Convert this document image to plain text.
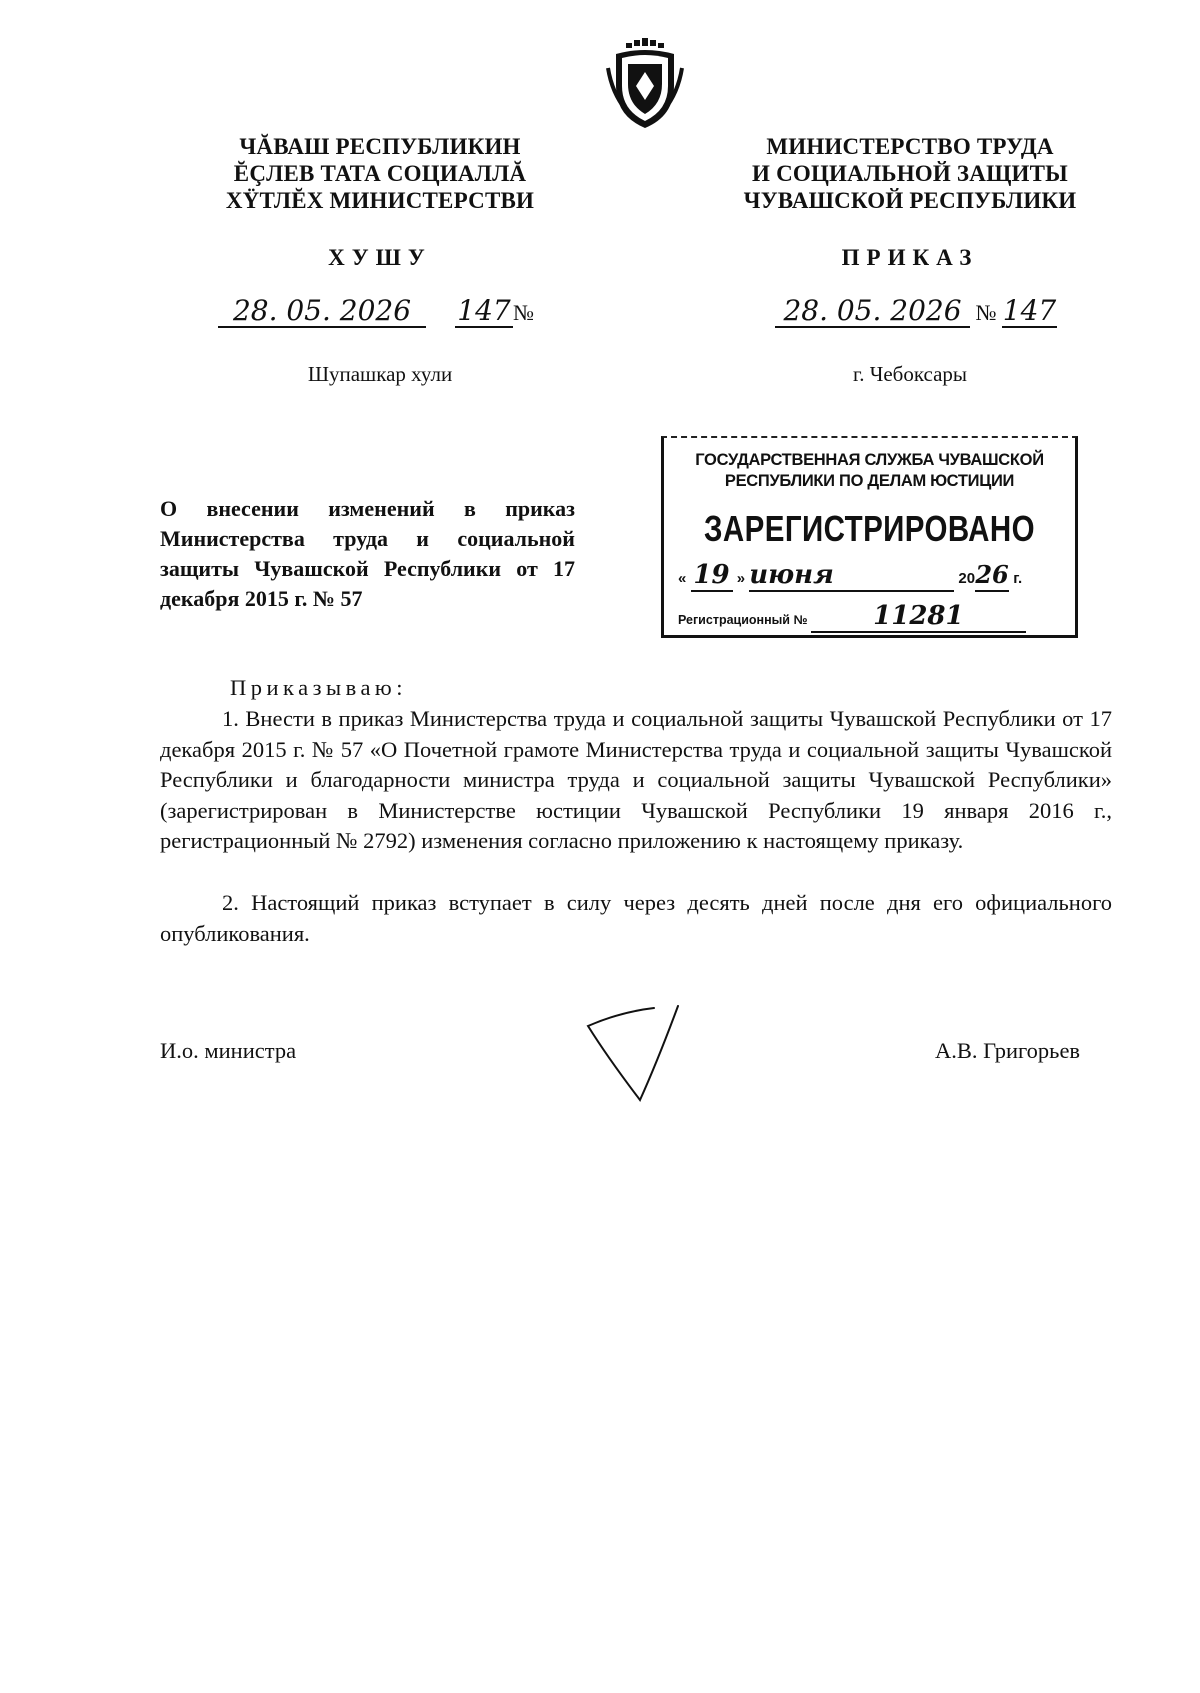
ЧĂВАШ РЕСПУБЛИКИН
ĔÇЛЕВ ТАТА СОЦИАЛЛĂ
ХŸТЛĔХ МИНИСТЕРСТВИ
МИНИСТЕРСТВО ТРУДА
И СОЦИАЛЬНОЙ ЗАЩИТЫ
ЧУВАШСКОЙ РЕСПУБЛИКИ
ХУШУ	ПРИКАЗ
28. 05. 2026 147 №	28. 05. 2026 № 147
Шупашкар хули	г. Чебоксары
ГОСУДАРСТВЕННАЯ СЛУЖБА ЧУВАШСКОЙ
РЕСПУБЛИКИ ПО ДЕЛАМ ЮСТИЦИИ
ЗАРЕГИСТРИРОВАНО
« 19 » июня	2026 г.
Регистрационный №	11281
О внесении изменений в приказ Министерства труда и социальной защиты Чувашской Республики от 17 декабря 2015 г. № 57
Приказываю:
1. Внести в приказ Министерства труда и социальной защиты Чувашской Республики от 17 декабря 2015 г. № 57 «О Почетной грамоте Министерства труда и социальной защиты Чувашской Республики и благодарности министра труда и социальной защиты Чувашской Республики» (зарегистрирован в Министерстве юстиции Чувашской Республики 19 января 2016 г., регистрационный № 2792) изменения согласно приложению к настоящему приказу.
2. Настоящий приказ вступает в силу через десять дней после дня его официального опубликования.
И.о. министра	А.В. Григорьев
